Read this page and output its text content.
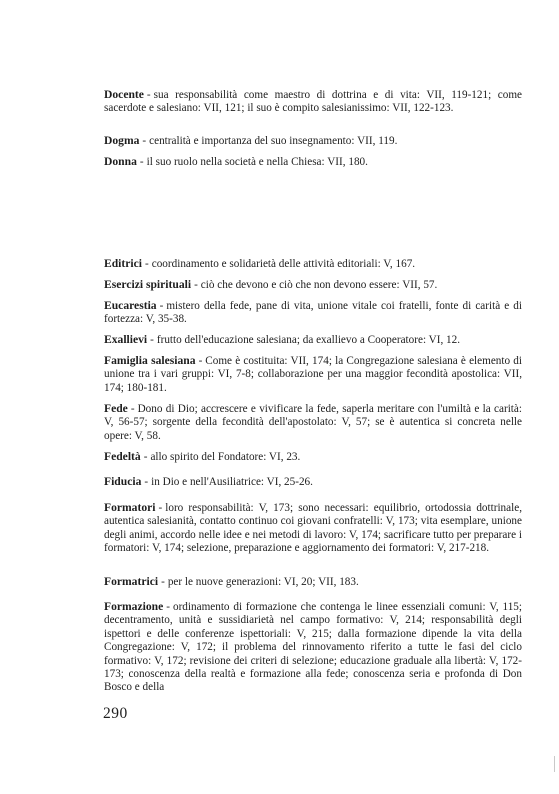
Docente - sua responsabilità come maestro di dottrina e di vita: VII, 119-121; come sacerdote e salesiano: VII, 121; il suo è compito salesianissimo: VII, 122-123.
Dogma - centralità e importanza del suo insegnamento: VII, 119.
Donna - il suo ruolo nella società e nella Chiesa: VII, 180.
Editrici - coordinamento e solidarietà delle attività editoriali: V, 167.
Esercizi spirituali - ciò che devono e ciò che non devono essere: VII, 57.
Eucarestia - mistero della fede, pane di vita, unione vitale coi fratelli, fonte di carità e di fortezza: V, 35-38.
Exallievi - frutto dell'educazione salesiana; da exallievo a Cooperatore: VI, 12.
Famiglia salesiana - Come è costituita: VII, 174; la Congregazione salesiana è elemento di unione tra i vari gruppi: VI, 7-8; collaborazione per una maggior fecondità apostolica: VII, 174; 180-181.
Fede - Dono di Dio; accrescere e vivificare la fede, saperla meritare con l'umiltà e la carità: V, 56-57; sorgente della fecondità dell'apostolato: V, 57; se è autentica si concreta nelle opere: V, 58.
Fedeltà - allo spirito del Fondatore: VI, 23.
Fiducia - in Dio e nell'Ausiliatrice: VI, 25-26.
Formatori - loro responsabilità: V, 173; sono necessari: equilibrio, ortodossia dottrinale, autentica salesianità, contatto continuo coi giovani confratelli: V, 173; vita esemplare, unione degli animi, accordo nelle idee e nei metodi di lavoro: V, 174; sacrificare tutto per preparare i formatori: V, 174; selezione, preparazione e aggiornamento dei formatori: V, 217-218.
Formatrici - per le nuove generazioni: VI, 20; VII, 183.
Formazione - ordinamento di formazione che contenga le linee essenziali comuni: V, 115; decentramento, unità e sussidiarietà nel campo formativo: V, 214; responsabilità degli ispettori e delle conferenze ispettoriali: V, 215; dalla formazione dipende la vita della Congregazione: V, 172; il problema del rinnovamento riferito a tutte le fasi del ciclo formativo: V, 172; revisione dei criteri di selezione; educazione graduale alla libertà: V, 172-173; conoscenza della realtà e formazione alla fede; conoscenza seria e profonda di Don Bosco e della
290
